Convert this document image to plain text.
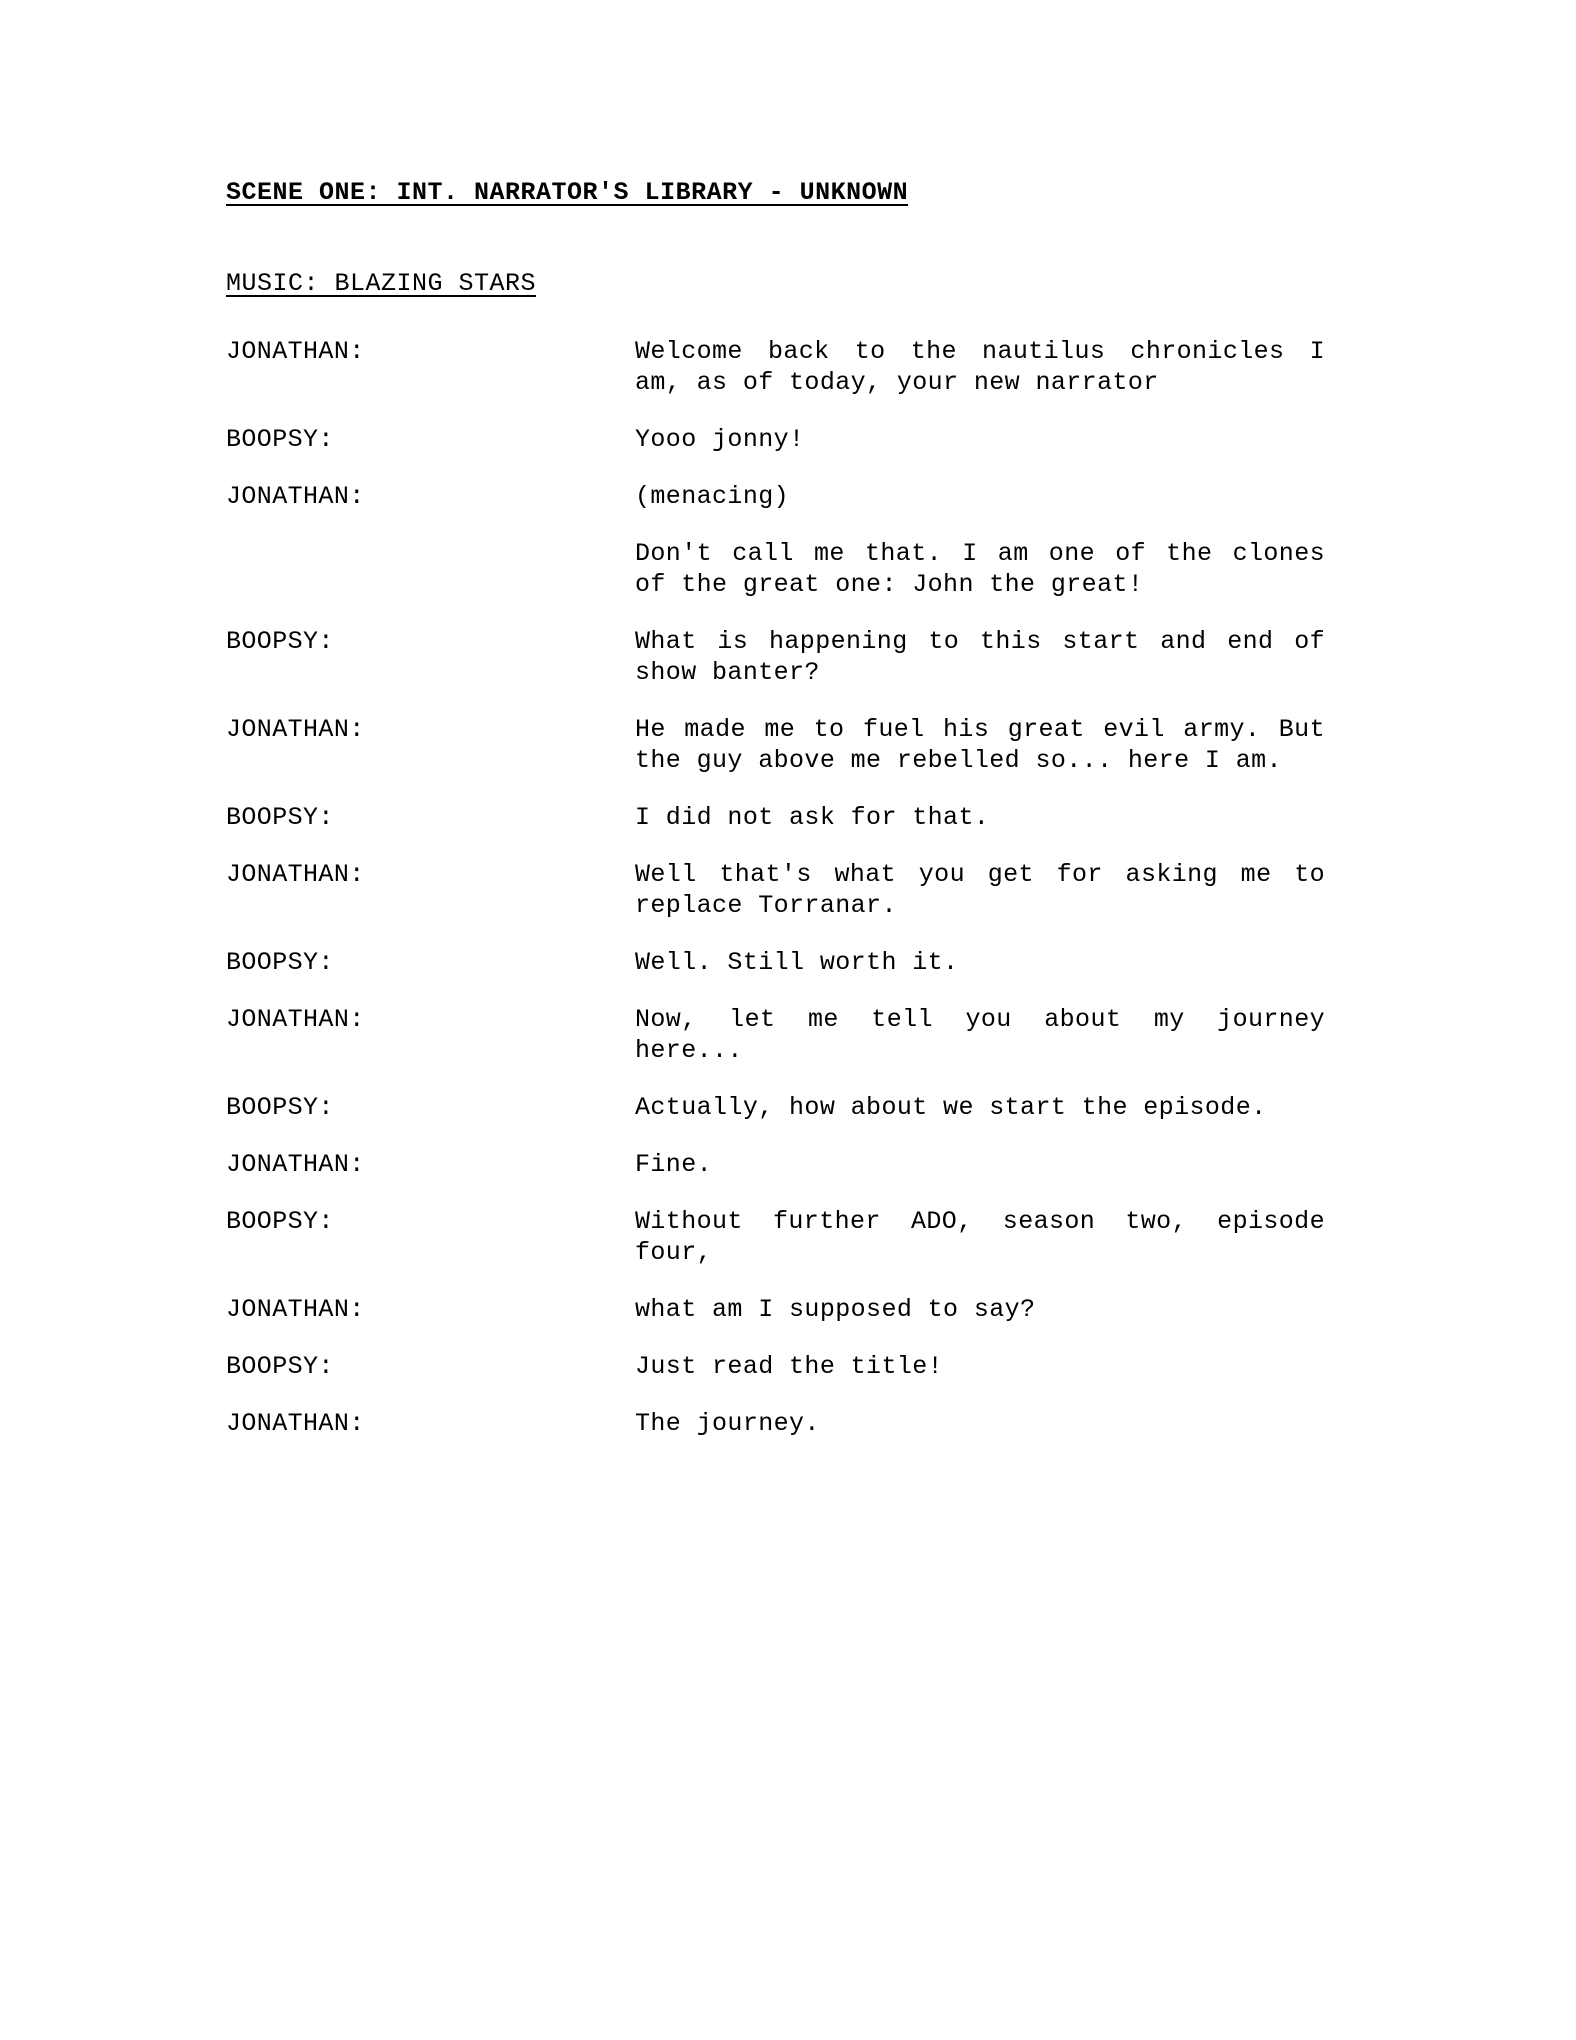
SCENE ONE: INT. NARRATOR'S LIBRARY - UNKNOWN
MUSIC: BLAZING STARS
JONATHAN:	Welcome back to the nautilus chronicles I am, as of today, your new narrator
BOOPSY:	Yooo jonny!
JONATHAN:	(menacing)
Don't call me that. I am one of the clones of the great one: John the great!
BOOPSY:	What is happening to this start and end of show banter?
JONATHAN:	He made me to fuel his great evil army. But the guy above me rebelled so... here I am.
BOOPSY:	I did not ask for that.
JONATHAN:	Well that's what you get for asking me to replace Torranar.
BOOPSY:	Well. Still worth it.
JONATHAN:	Now, let me tell you about my journey here...
BOOPSY:	Actually, how about we start the episode.
JONATHAN:	Fine.
BOOPSY:	Without further ADO, season two, episode four,
JONATHAN:	what am I supposed to say?
BOOPSY:	Just read the title!
JONATHAN:	The journey.
